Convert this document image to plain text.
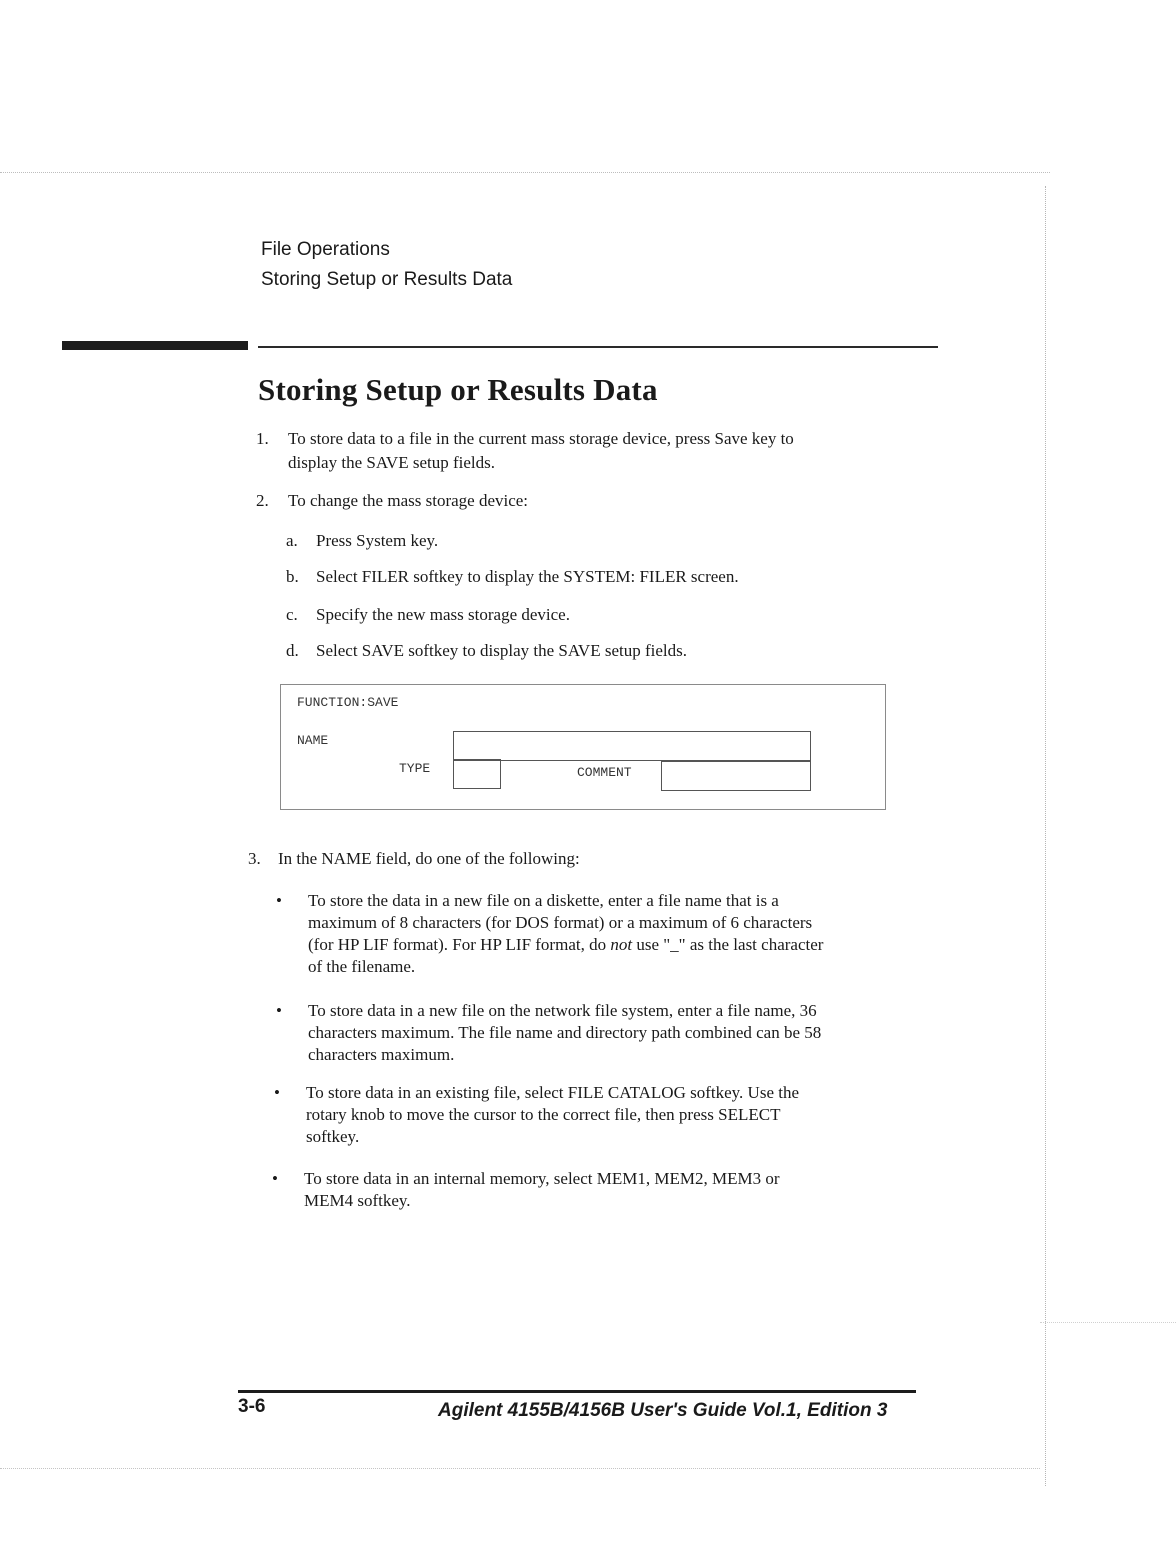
File Operations
Storing Setup or Results Data
Storing Setup or Results Data
1. To store data to a file in the current mass storage device, press Save key to
display the SAVE setup fields.
2. To change the mass storage device:
a. Press System key.
b. Select FILER softkey to display the SYSTEM: FILER screen.
c. Specify the new mass storage device.
d. Select SAVE softkey to display the SAVE setup fields.
FUNCTION:SAVE
NAME
TYPE	COMMENT
3. In the NAME field, do one of the following:
• To store the data in a new file on a diskette, enter a file name that is a
maximum of 8 characters (for DOS format) or a maximum of 6 characters
(for HP LIF format). For HP LIF format, do not use "_" as the last character
of the filename.
• To store data in a new file on the network file system, enter a file name, 36
characters maximum. The file name and directory path combined can be 58
characters maximum.
• To store data in an existing file, select FILE CATALOG softkey. Use the
rotary knob to move the cursor to the correct file, then press SELECT
softkey.
• To store data in an internal memory, select MEM1, MEM2, MEM3 or
MEM4 softkey.
3-6	Agilent 4155B/4156B User's Guide Vol.1, Edition 3
